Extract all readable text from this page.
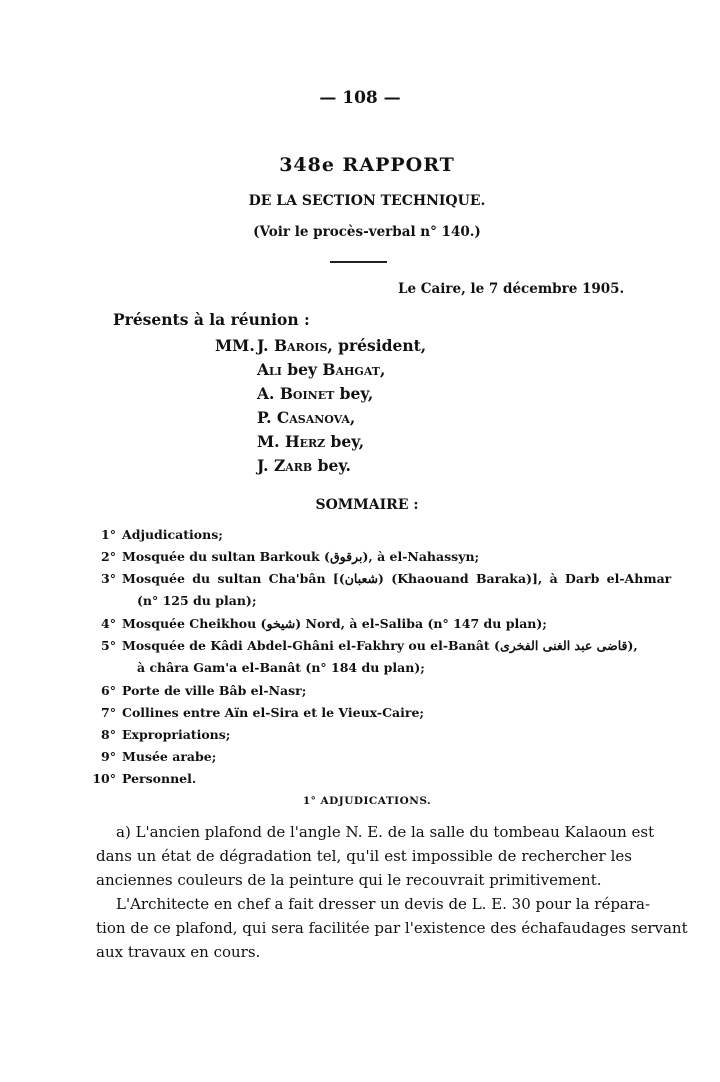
— 108 —
348e RAPPORT
DE LA SECTION TECHNIQUE.
(Voir le procès-verbal n° 140.)
Le Caire, le 7 décembre 1905.
Présents à la réunion :
MM. J. Barois, président,
Ali bey Bahgat,
A. Boinet bey,
P. Casanova,
M. Herz bey,
J. Zarb bey.
SOMMAIRE :
1° Adjudications;
2° Mosquée du sultan Barkouk (برقوق), à el-Nahassyn;
3° Mosquée du sultan Cha'bân [(شعبان) (Khaouand Baraka)], à Darb el-Ahmar
(n° 125 du plan);
4° Mosquée Cheikhou (شيخو) Nord, à el-Saliba (n° 147 du plan);
5° Mosquée de Kâdi Abdel-Ghâni el-Fakhry ou el-Banât (قاضى عبد الغنى الفخرى),
à châra Gam'a el-Banât (n° 184 du plan);
6° Porte de ville Bâb el-Nasr;
7° Collines entre Aïn el-Sira et le Vieux-Caire;
8° Expropriations;
9° Musée arabe;
10° Personnel.
1° ADJUDICATIONS.
a) L'ancien plafond de l'angle N. E. de la salle du tombeau Kalaoun est
dans un état de dégradation tel, qu'il est impossible de rechercher les
anciennes couleurs de la peinture qui le recouvrait primitivement.
L'Architecte en chef a fait dresser un devis de L. E. 30 pour la répara-
tion de ce plafond, qui sera facilitée par l'existence des échafaudages servant
aux travaux en cours.
